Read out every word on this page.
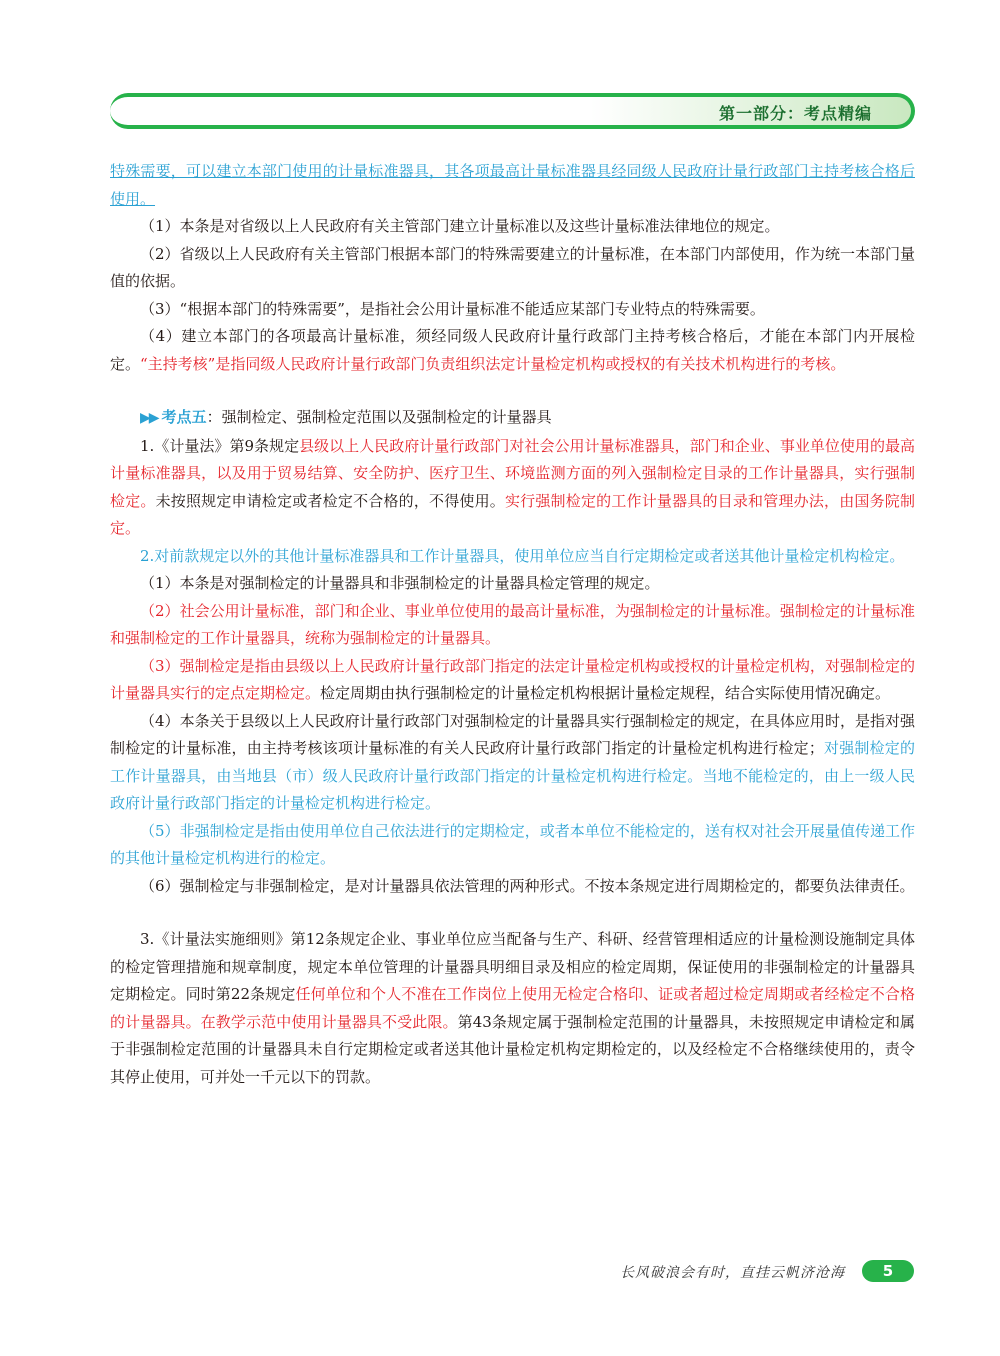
第一部分：考点精编

特殊需要，可以建立本部门使用的计量标准器具，其各项最高计量标准器具经同级人民政府计量行政部门主持考核合格后使用。

（1）本条是对省级以上人民政府有关主管部门建立计量标准以及这些计量标准法律地位的规定。

（2）省级以上人民政府有关主管部门根据本部门的特殊需要建立的计量标准，在本部门内部使用，作为统一本部门量值的依据。

（3）“根据本部门的特殊需要”，是指社会公用计量标准不能适应某部门专业特点的特殊需要。

（4）建立本部门的各项最高计量标准，须经同级人民政府计量行政部门主持考核合格后，才能在本部门内开展检定。“主持考核”是指同级人民政府计量行政部门负责组织法定计量检定机构或授权的有关技术机构进行的考核。

▶▶ 考点五：强制检定、强制检定范围以及强制检定的计量器具

1.《计量法》第9条规定县级以上人民政府计量行政部门对社会公用计量标准器具，部门和企业、事业单位使用的最高计量标准器具，以及用于贸易结算、安全防护、医疗卫生、环境监测方面的列入强制检定目录的工作计量器具，实行强制检定。未按照规定申请检定或者检定不合格的，不得使用。实行强制检定的工作计量器具的目录和管理办法，由国务院制定。

2.对前款规定以外的其他计量标准器具和工作计量器具，使用单位应当自行定期检定或者送其他计量检定机构检定。

（1）本条是对强制检定的计量器具和非强制检定的计量器具检定管理的规定。

（2）社会公用计量标准，部门和企业、事业单位使用的最高计量标准，为强制检定的计量标准。强制检定的计量标准和强制检定的工作计量器具，统称为强制检定的计量器具。

（3）强制检定是指由县级以上人民政府计量行政部门指定的法定计量检定机构或授权的计量检定机构，对强制检定的计量器具实行的定点定期检定。检定周期由执行强制检定的计量检定机构根据计量检定规程，结合实际使用情况确定。

（4）本条关于县级以上人民政府计量行政部门对强制检定的计量器具实行强制检定的规定，在具体应用时，是指对强制检定的计量标准，由主持考核该项计量标准的有关人民政府计量行政部门指定的计量检定机构进行检定；对强制检定的工作计量器具，由当地县（市）级人民政府计量行政部门指定的计量检定机构进行检定。当地不能检定的，由上一级人民政府计量行政部门指定的计量检定机构进行检定。

（5）非强制检定是指由使用单位自己依法进行的定期检定，或者本单位不能检定的，送有权对社会开展量值传递工作的其他计量检定机构进行的检定。

（6）强制检定与非强制检定，是对计量器具依法管理的两种形式。不按本条规定进行周期检定的，都要负法律责任。

3.《计量法实施细则》第12条规定企业、事业单位应当配备与生产、科研、经营管理相适应的计量检测设施制定具体的检定管理措施和规章制度，规定本单位管理的计量器具明细目录及相应的检定周期，保证使用的非强制检定的计量器具定期检定。同时第22条规定任何单位和个人不准在工作岗位上使用无检定合格印、证或者超过检定周期或者经检定不合格的计量器具。在教学示范中使用计量器具不受此限。第43条规定属于强制检定范围的计量器具，未按照规定申请检定和属于非强制检定范围的计量器具未自行定期检定或者送其他计量检定机构定期检定的，以及经检定不合格继续使用的，责令其停止使用，可并处一千元以下的罚款。

长风破浪会有时，直挂云帆济沧海	5
